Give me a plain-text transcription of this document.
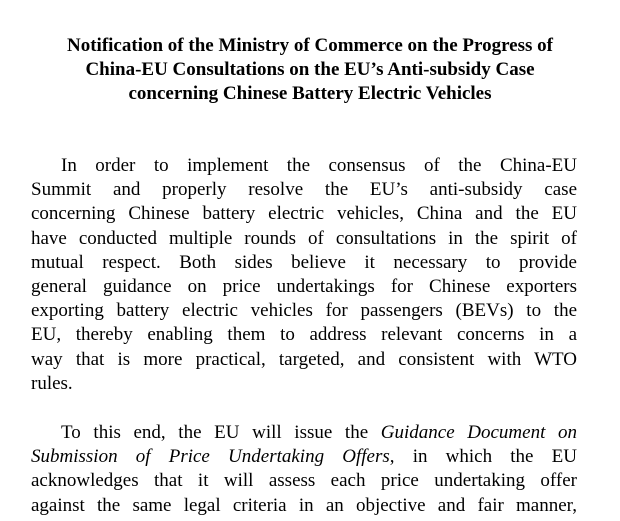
Notification of the Ministry of Commerce on the Progress of
China-EU Consultations on the EU’s Anti-subsidy Case
concerning Chinese Battery Electric Vehicles
In order to implement the consensus of the China-EU
Summit and properly resolve the EU’s anti-subsidy case
concerning Chinese battery electric vehicles, China and the EU
have conducted multiple rounds of consultations in the spirit of
mutual respect. Both sides believe it necessary to provide
general guidance on price undertakings for Chinese exporters
exporting battery electric vehicles for passengers (BEVs) to the
EU, thereby enabling them to address relevant concerns in a
way that is more practical, targeted, and consistent with WTO
rules.
To this end, the EU will issue the Guidance Document on
Submission of Price Undertaking Offers, in which the EU
acknowledges that it will assess each price undertaking offer
against the same legal criteria in an objective and fair manner,
